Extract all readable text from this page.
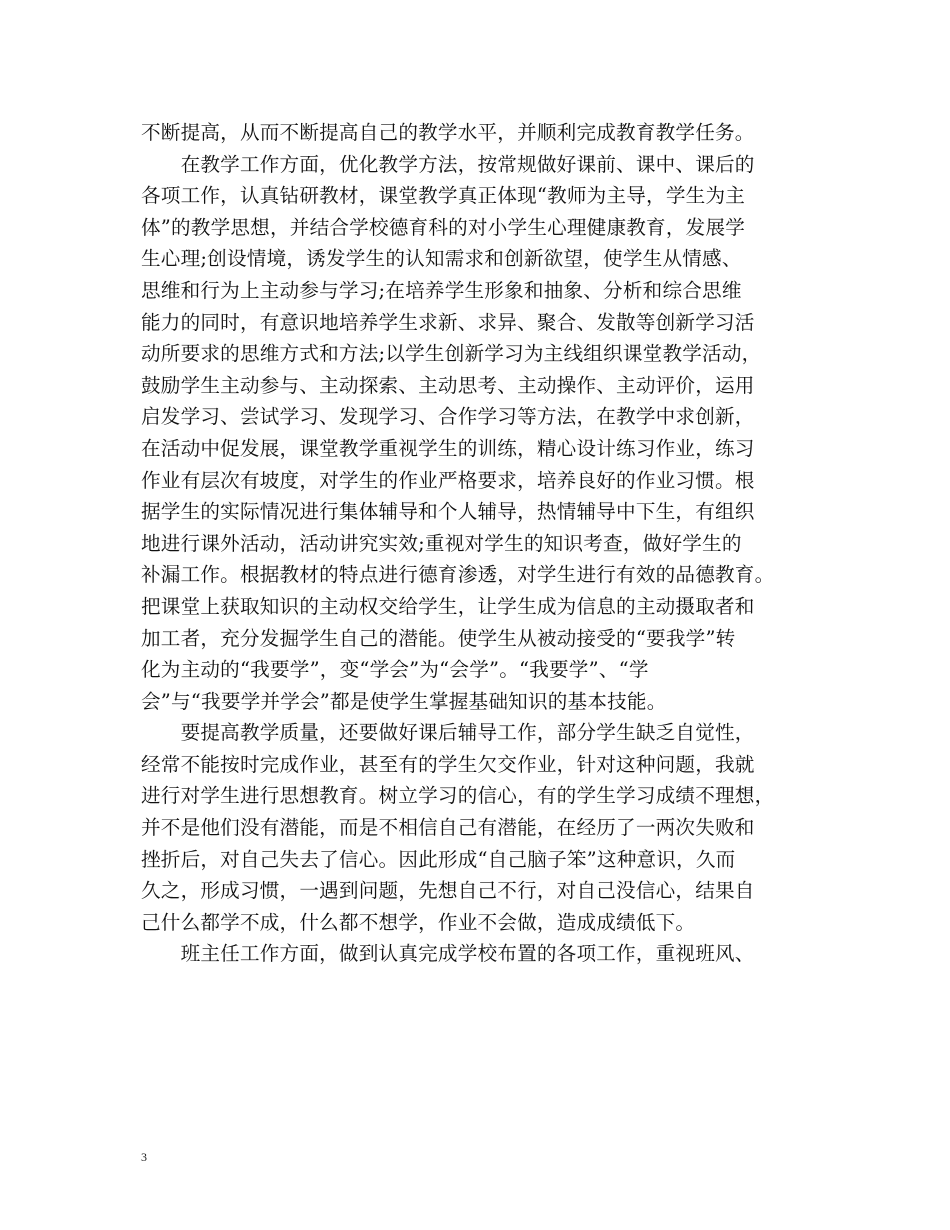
不断提高，从而不断提高自己的教学水平，并顺利完成教育教学任务。
　　在教学工作方面，优化教学方法，按常规做好课前、课中、课后的
各项工作，认真钻研教材，课堂教学真正体现“教师为主导，学生为主
体”的教学思想，并结合学校德育科的对小学生心理健康教育，发展学
生心理;创设情境，诱发学生的认知需求和创新欲望，使学生从情感、
思维和行为上主动参与学习;在培养学生形象和抽象、分析和综合思维
能力的同时，有意识地培养学生求新、求异、聚合、发散等创新学习活
动所要求的思维方式和方法;以学生创新学习为主线组织课堂教学活动，
鼓励学生主动参与、主动探索、主动思考、主动操作、主动评价，运用
启发学习、尝试学习、发现学习、合作学习等方法，在教学中求创新，
在活动中促发展，课堂教学重视学生的训练，精心设计练习作业，练习
作业有层次有坡度，对学生的作业严格要求，培养良好的作业习惯。根
据学生的实际情况进行集体辅导和个人辅导，热情辅导中下生，有组织
地进行课外活动，活动讲究实效;重视对学生的知识考查，做好学生的
补漏工作。根据教材的特点进行德育渗透，对学生进行有效的品德教育。
把课堂上获取知识的主动权交给学生，让学生成为信息的主动摄取者和
加工者，充分发掘学生自己的潜能。使学生从被动接受的“要我学”转
化为主动的“我要学”，变“学会”为“会学”。“我要学”、“学
会”与“我要学并学会”都是使学生掌握基础知识的基本技能。
　　要提高教学质量，还要做好课后辅导工作，部分学生缺乏自觉性，
经常不能按时完成作业，甚至有的学生欠交作业，针对这种问题，我就
进行对学生进行思想教育。树立学习的信心，有的学生学习成绩不理想，
并不是他们没有潜能，而是不相信自己有潜能，在经历了一两次失败和
挫折后，对自己失去了信心。因此形成“自己脑子笨”这种意识，久而
久之，形成习惯，一遇到问题，先想自己不行，对自己没信心，结果自
己什么都学不成，什么都不想学，作业不会做，造成成绩低下。
　　班主任工作方面，做到认真完成学校布置的各项工作，重视班风、
3
